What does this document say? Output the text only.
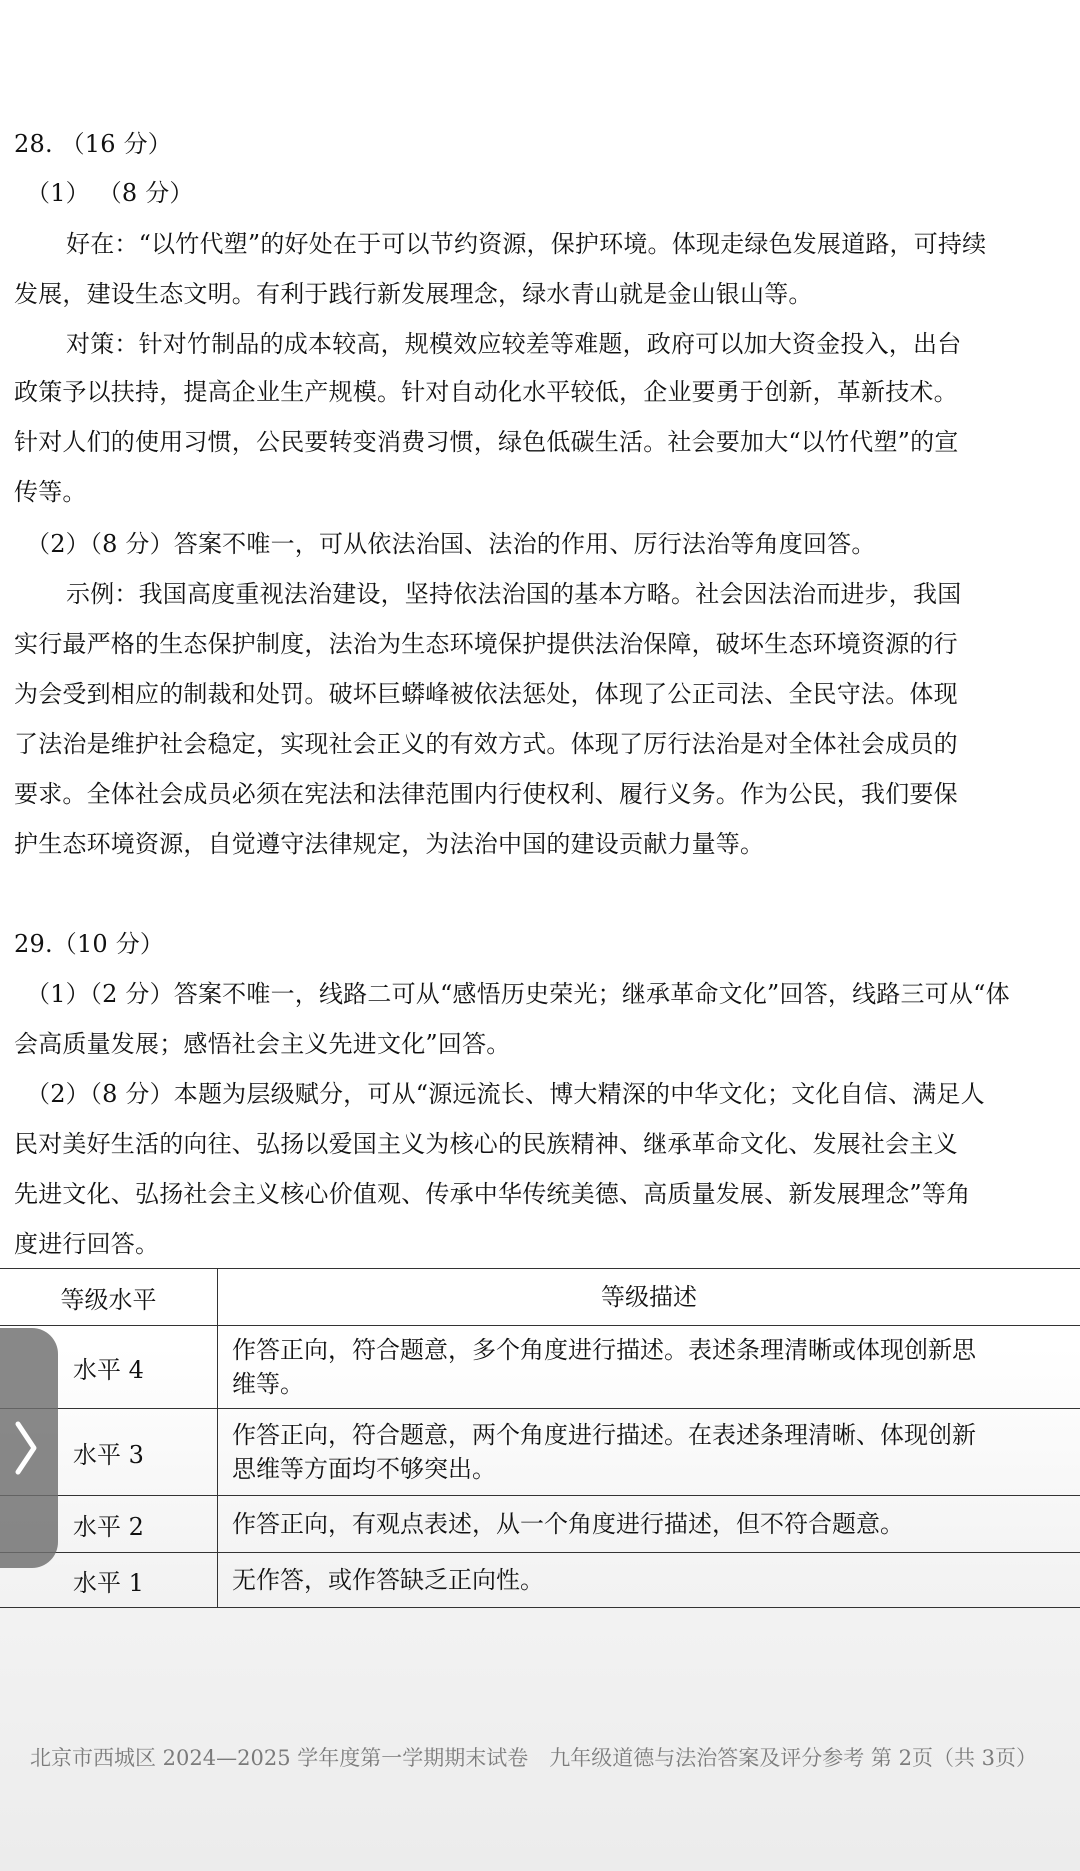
28. （16 分）
（1） （8 分）
好在：“以竹代塑”的好处在于可以节约资源，保护环境。体现走绿色发展道路，可持续
发展，建设生态文明。有利于践行新发展理念，绿水青山就是金山银山等。
对策：针对竹制品的成本较高，规模效应较差等难题，政府可以加大资金投入，出台
政策予以扶持，提高企业生产规模。针对自动化水平较低，企业要勇于创新，革新技术。
针对人们的使用习惯，公民要转变消费习惯，绿色低碳生活。社会要加大“以竹代塑”的宣
传等。
（2）（8 分）答案不唯一，可从依法治国、法治的作用、厉行法治等角度回答。
示例：我国高度重视法治建设，坚持依法治国的基本方略。社会因法治而进步，我国
实行最严格的生态保护制度，法治为生态环境保护提供法治保障，破坏生态环境资源的行
为会受到相应的制裁和处罚。破坏巨蟒峰被依法惩处，体现了公正司法、全民守法。体现
了法治是维护社会稳定，实现社会正义的有效方式。体现了厉行法治是对全体社会成员的
要求。全体社会成员必须在宪法和法律范围内行使权利、履行义务。作为公民，我们要保
护生态环境资源，自觉遵守法律规定，为法治中国的建设贡献力量等。
29.（10 分）
（1）（2 分）答案不唯一，线路二可从“感悟历史荣光；继承革命文化”回答，线路三可从“体
会高质量发展；感悟社会主义先进文化”回答。
（2）（8 分）本题为层级赋分，可从“源远流长、博大精深的中华文化；文化自信、满足人
民对美好生活的向往、弘扬以爱国主义为核心的民族精神、继承革命文化、发展社会主义
先进文化、弘扬社会主义核心价值观、传承中华传统美德、高质量发展、新发展理念”等角
度进行回答。
等级水平	等级描述
水平 4	作答正向，符合题意，多个角度进行描述。表述条理清晰或体现创新思
维等。

水平 3	作答正向，符合题意，两个角度进行描述。在表述条理清晰、体现创新
思维等方面均不够突出。

水平 2	作答正向，有观点表述，从一个角度进行描述，但不符合题意。

水平 1	无作答，或作答缺乏正向性。
北京市西城区 2024—2025 学年度第一学期期末试卷　九年级道德与法治答案及评分参考 第 2页（共 3页）
